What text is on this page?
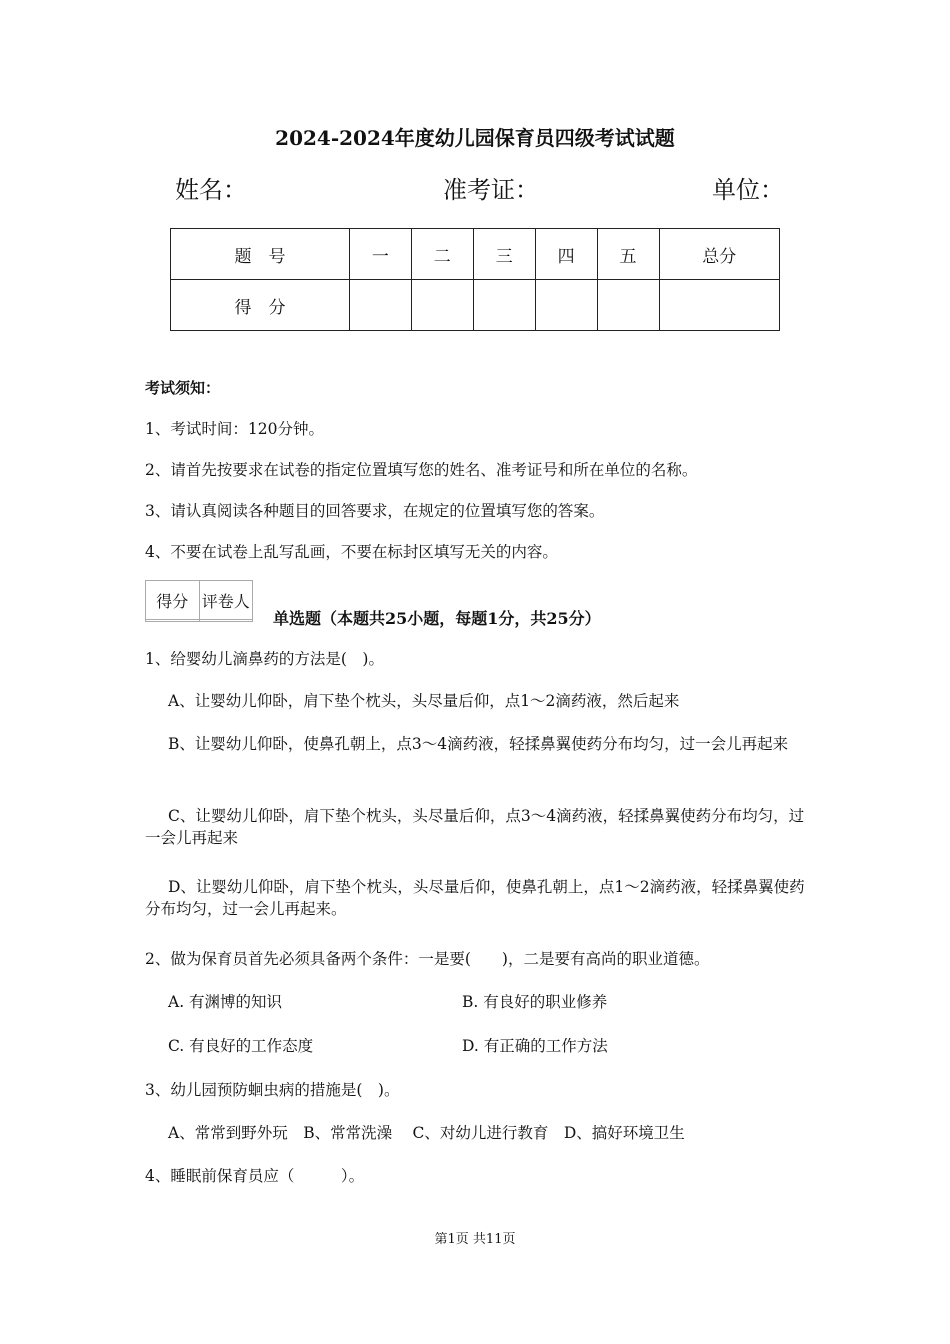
2024-2024年度幼儿园保育员四级考试试题
姓名：	准考证：	单位：
题　号	一	二	三	四	五	总分
得　分						
考试须知：
1、考试时间：120分钟。
2、请首先按要求在试卷的指定位置填写您的姓名、准考证号和所在单位的名称。
3、请认真阅读各种题目的回答要求，在规定的位置填写您的答案。
4、不要在试卷上乱写乱画，不要在标封区填写无关的内容。
得分	评卷人

单选题（本题共25小题，每题1分，共25分）
1、给婴幼儿滴鼻药的方法是(　)。
A、让婴幼儿仰卧，肩下垫个枕头，头尽量后仰，点1～2滴药液，然后起来
B、让婴幼儿仰卧，使鼻孔朝上，点3～4滴药液，轻揉鼻翼使药分布均匀，过一会儿再起来
C、让婴幼儿仰卧，肩下垫个枕头，头尽量后仰，点3～4滴药液，轻揉鼻翼使药分布均匀，过一会儿再起来
D、让婴幼儿仰卧，肩下垫个枕头，头尽量后仰，使鼻孔朝上，点1～2滴药液，轻揉鼻翼使药分布均匀，过一会儿再起来。
2、做为保育员首先必须具备两个条件：一是要(　　)，二是要有高尚的职业道德。
A. 有渊博的知识	B. 有良好的职业修养
C. 有良好的工作态度	D. 有正确的工作方法
3、幼儿园预防蛔虫病的措施是(　)。
A、常常到野外玩　B、常常洗澡　 C、对幼儿进行教育　D、搞好环境卫生
4、睡眠前保育员应（　　　）。
第1页 共11页
